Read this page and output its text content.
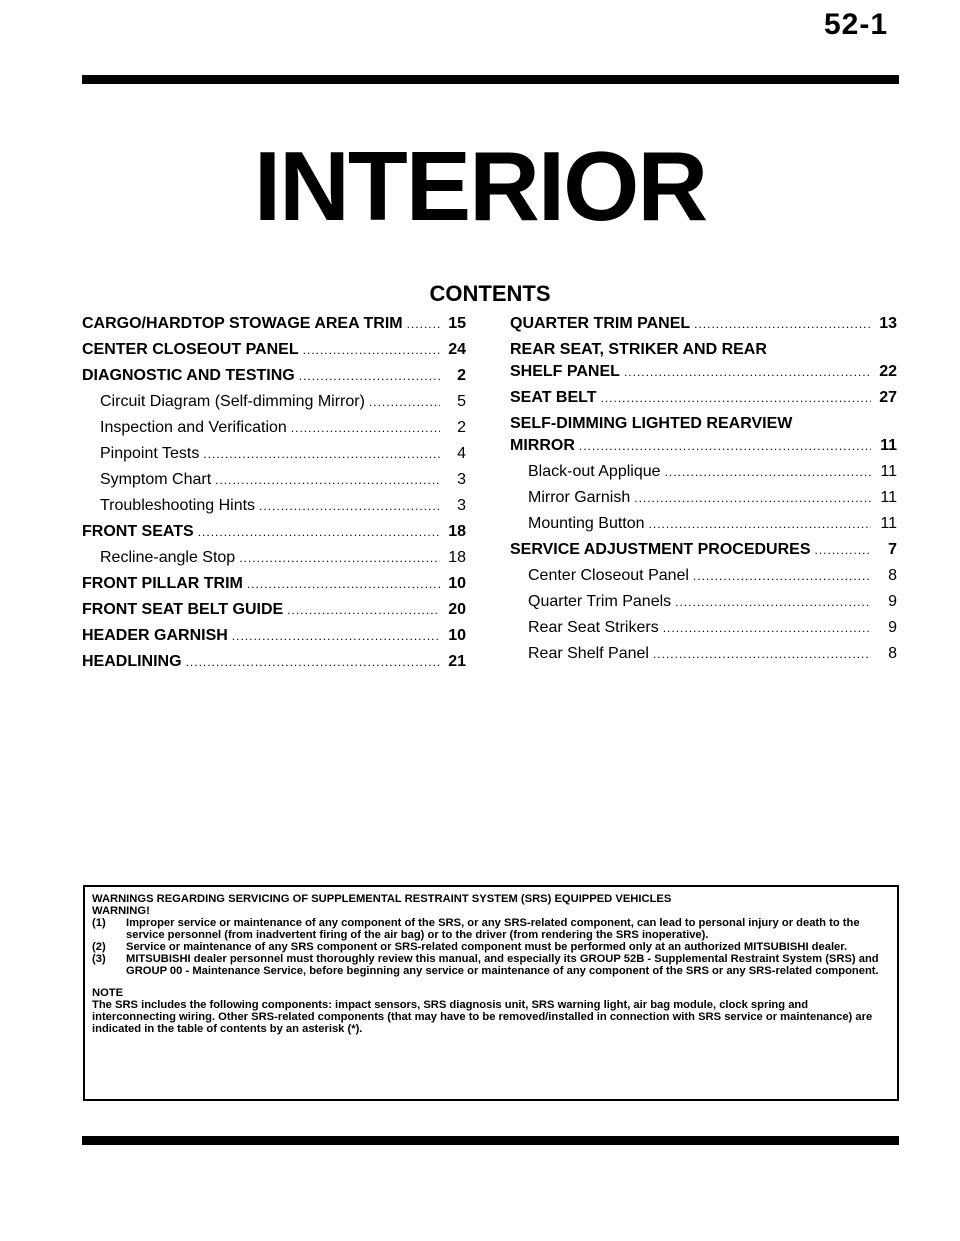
52-1
INTERIOR
CONTENTS
CARGO/HARDTOP STOWAGE AREA TRIM .....	15
CENTER CLOSEOUT PANEL .....	24
DIAGNOSTIC AND TESTING .....	2
Circuit Diagram (Self-dimming Mirror) .....	5
Inspection and Verification .....	2
Pinpoint Tests .....	4
Symptom Chart .....	3
Troubleshooting Hints .....	3
FRONT SEATS .....	18
Recline-angle Stop .....	18
FRONT PILLAR TRIM .....	10
FRONT SEAT BELT GUIDE .....	20
HEADER GARNISH .....	10
HEADLINING .....	21
QUARTER TRIM PANEL .....	13
REAR SEAT, STRIKER AND REAR
SHELF PANEL .....	22
SEAT BELT .....	27
SELF-DIMMING LIGHTED REARVIEW
MIRROR .....	11
Black-out Applique .....	11
Mirror Garnish .....	11
Mounting Button .....	11
SERVICE ADJUSTMENT PROCEDURES .....	7
Center Closeout Panel .....	8
Quarter Trim Panels .....	9
Rear Seat Strikers .....	9
Rear Shelf Panel .....	8

WARNINGS REGARDING SERVICING OF SUPPLEMENTAL RESTRAINT SYSTEM (SRS) EQUIPPED VEHICLES

WARNING!

(1)	Improper service or maintenance of any component of the SRS, or any SRS-related component, can lead to personal injury or death to the service personnel (from inadvertent firing of the air bag) or to the driver (from rendering the SRS inoperative).
(2)	Service or maintenance of any SRS component or SRS-related component must be performed only at an authorized MITSUBISHI dealer.
(3)	MITSUBISHI dealer personnel must thoroughly review this manual, and especially its GROUP 52B - Supplemental Restraint System (SRS) and GROUP 00 - Maintenance Service, before beginning any service or maintenance of any component of the SRS or any SRS-related component.

NOTE

The SRS includes the following components: impact sensors, SRS diagnosis unit, SRS warning light, air bag module, clock spring and interconnecting wiring. Other SRS-related components (that may have to be removed/installed in connection with SRS service or maintenance) are indicated in the table of contents by an asterisk (*).
